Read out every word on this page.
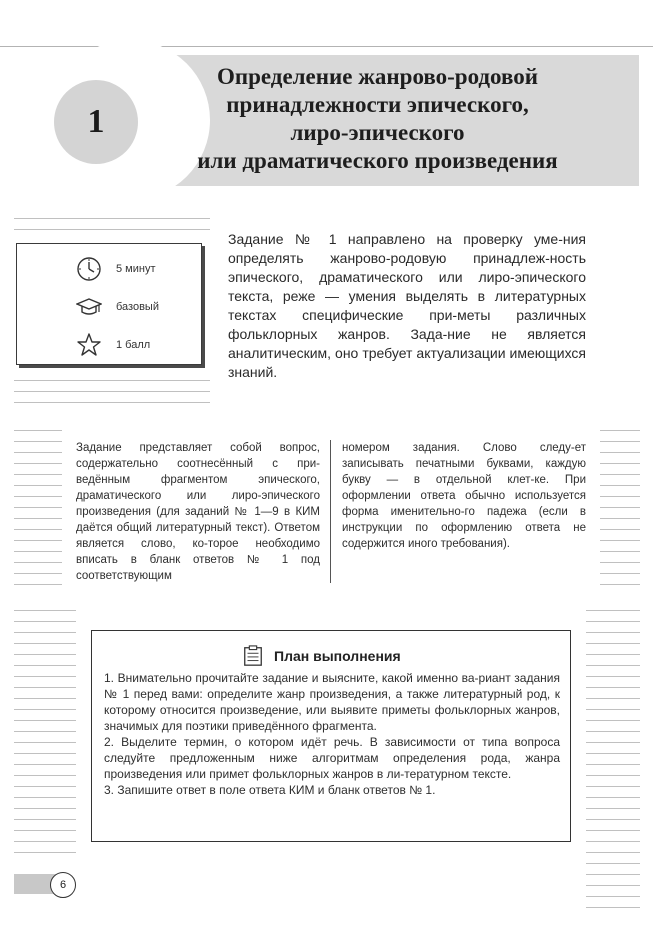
1
Определение жанрово-родовой
принадлежности эпического,
лиро-эпического
или драматического произведения
5 минут
базовый
1 балл
Задание № 1 направлено на проверку уме-ния определять жанрово-родовую принадлеж-ность эпического, драматического или лиро-эпического текста, реже — умения выделять в литературных текстах специфические при-меты различных фольклорных жанров. Зада-ние не является аналитическим, оно требует актуализации имеющихся знаний.
Задание представляет собой вопрос, содержательно соотнесённый с при-ведённым фрагментом эпического, драматического или лиро-эпического произведения (для заданий № 1—9 в КИМ даётся общий литературный текст). Ответом является слово, ко-торое необходимо вписать в бланк ответов № 1 под соответствующим
номером задания. Слово следу-ет записывать печатными буквами, каждую букву — в отдельной клет-ке. При оформлении ответа обычно используется форма именительно-го падежа (если в инструкции по оформлению ответа не содержится иного требования).
План выполнения

1. Внимательно прочитайте задание и выясните, какой именно ва-риант задания № 1 перед вами: определите жанр произведения, а также литературный род, к которому относится произведение, или выявите приметы фольклорных жанров, значимых для поэтики приведённого фрагмента.

2. Выделите термин, о котором идёт речь. В зависимости от типа вопроса следуйте предложенным ниже алгоритмам определения рода, жанра произведения или примет фольклорных жанров в ли-тературном тексте.

3. Запишите ответ в поле ответа КИМ и бланк ответов № 1.

6
